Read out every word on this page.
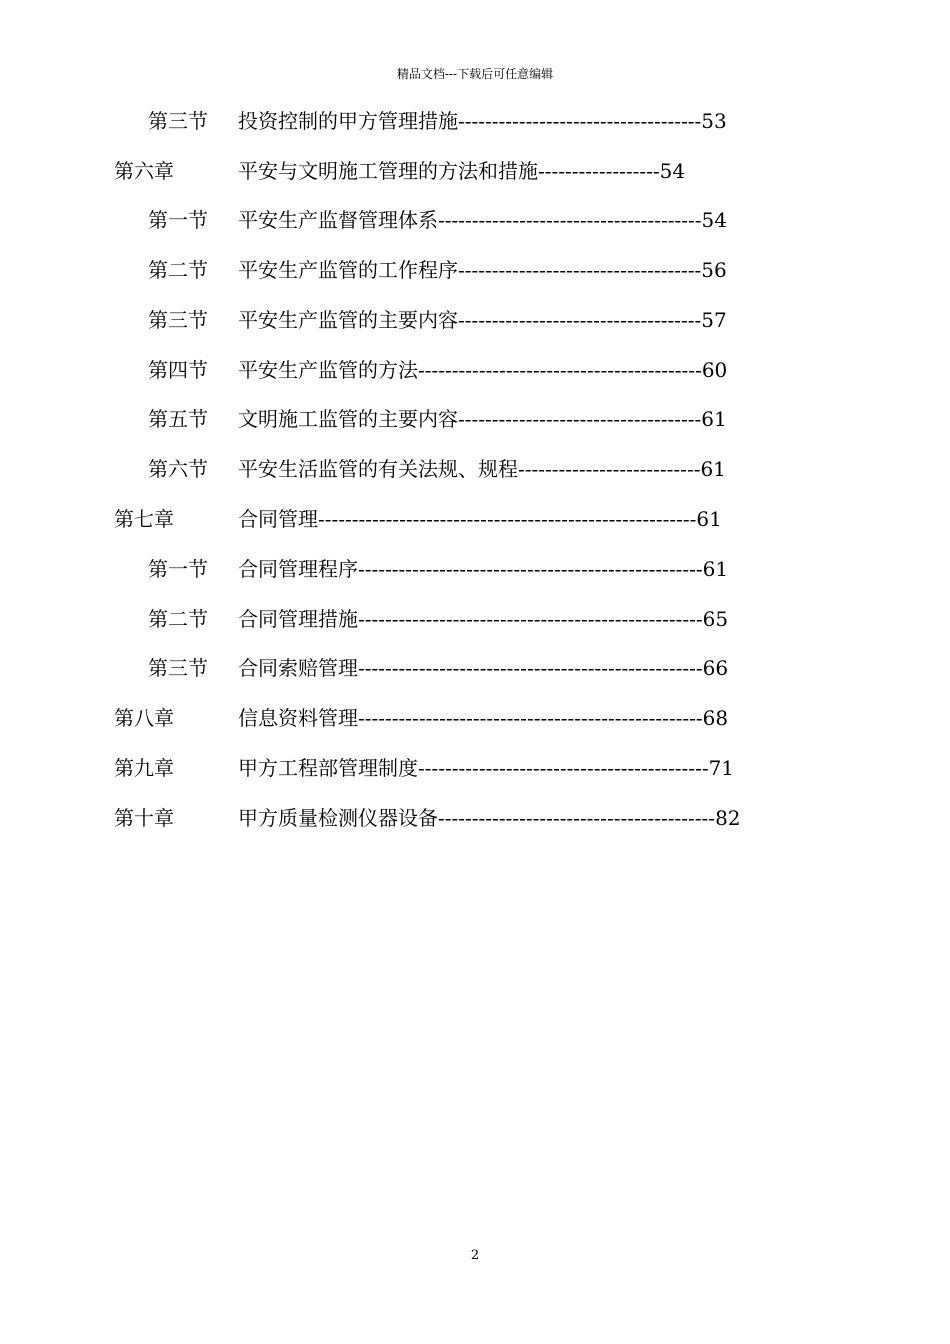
精品文档---下载后可任意编辑
第三节 投资控制的甲方管理措施------------------------------------53
第六章	平安与文明施工管理的方法和措施------------------54
第一节 平安生产监督管理体系---------------------------------------54
第二节 平安生产监管的工作程序------------------------------------56
第三节 平安生产监管的主要内容------------------------------------57
第四节 平安生产监管的方法------------------------------------------60
第五节 文明施工监管的主要内容------------------------------------61
第六节 平安生活监管的有关法规、规程---------------------------61
第七章	合同管理--------------------------------------------------------61
第一节 合同管理程序---------------------------------------------------61
第二节 合同管理措施---------------------------------------------------65
第三节 合同索赔管理---------------------------------------------------66
第八章	信息资料管理---------------------------------------------------68
第九章	甲方工程部管理制度-------------------------------------------71
第十章	甲方质量检测仪器设备-----------------------------------------82
2
